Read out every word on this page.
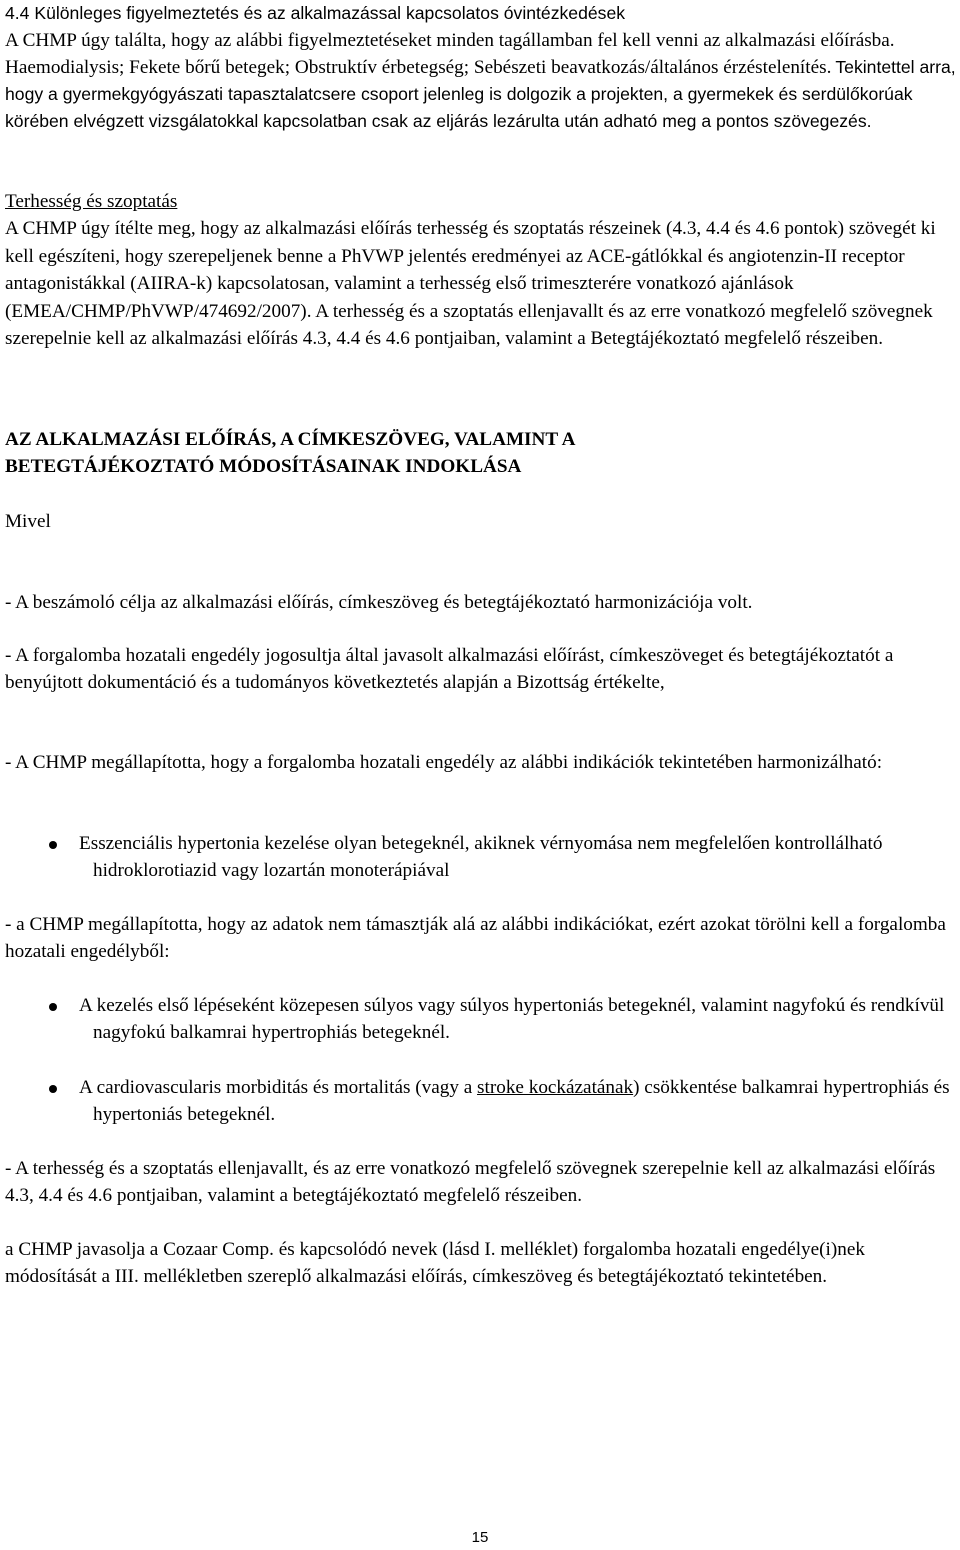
4.4 Különleges figyelmeztetés és az alkalmazással kapcsolatos óvintézkedések
A CHMP úgy találta, hogy az alábbi figyelmeztetéseket minden tagállamban fel kell venni az alkalmazási előírásba. Haemodialysis; Fekete bőrű betegek; Obstruktív érbetegség; Sebészeti beavatkozás/általános érzéstelenítés. Tekintettel arra, hogy a gyermekgyógyászati tapasztalatcsere csoport jelenleg is dolgozik a projekten, a gyermekek és serdülőkorúak körében elvégzett vizsgálatokkal kapcsolatban csak az eljárás lezárulta után adható meg a pontos szövegezés.
Terhesség és szoptatás
A CHMP úgy ítélte meg, hogy az alkalmazási előírás terhesség és szoptatás részeinek (4.3, 4.4 és 4.6 pontok) szövegét ki kell egészíteni, hogy szerepeljenek benne a PhVWP jelentés eredményei az ACE-gátlókkal és angiotenzin-II receptor antagonistákkal (AIIRA-k) kapcsolatosan, valamint a terhesség első trimeszterére vonatkozó ajánlások (EMEA/CHMP/PhVWP/474692/2007). A terhesség és a szoptatás ellenjavallt és az erre vonatkozó megfelelő szövegnek szerepelnie kell az alkalmazási előírás 4.3, 4.4 és 4.6 pontjaiban, valamint a Betegtájékoztató megfelelő részeiben.
AZ ALKALMAZÁSI ELŐÍRÁS, A CÍMKESZÖVEG, VALAMINT A
BETEGTÁJÉKOZTATÓ MÓDOSÍTÁSAINAK INDOKLÁSA
Mivel
- A beszámoló célja az alkalmazási előírás, címkeszöveg és betegtájékoztató harmonizációja volt.
- A forgalomba hozatali engedély jogosultja által javasolt alkalmazási előírást, címkeszöveget és betegtájékoztatót a benyújtott dokumentáció és a tudományos következtetés alapján a Bizottság értékelte,
- A CHMP megállapította, hogy a forgalomba hozatali engedély az alábbi indikációk tekintetében harmonizálható:
Esszenciális hypertonia kezelése olyan betegeknél, akiknek vérnyomása nem megfelelően kontrollálható hidroklorotiazid vagy lozartán monoterápiával
- a CHMP megállapította, hogy az adatok nem támasztják alá az alábbi indikációkat, ezért azokat törölni kell a forgalomba hozatali engedélyből:
A kezelés első lépéseként közepesen súlyos vagy súlyos hypertoniás betegeknél, valamint nagyfokú és rendkívül nagyfokú balkamrai hypertrophiás betegeknél.
A cardiovascularis morbiditás és mortalitás (vagy a stroke kockázatának) csökkentése balkamrai hypertrophiás és hypertoniás betegeknél.
- A terhesség és a szoptatás ellenjavallt, és az erre vonatkozó megfelelő szövegnek szerepelnie kell az alkalmazási előírás 4.3, 4.4 és 4.6 pontjaiban, valamint a betegtájékoztató megfelelő részeiben.
a CHMP javasolja a Cozaar Comp. és kapcsolódó nevek (lásd I. melléklet) forgalomba hozatali engedélye(i)nek módosítását a III. mellékletben szereplő alkalmazási előírás, címkeszöveg és betegtájékoztató tekintetében.
15
